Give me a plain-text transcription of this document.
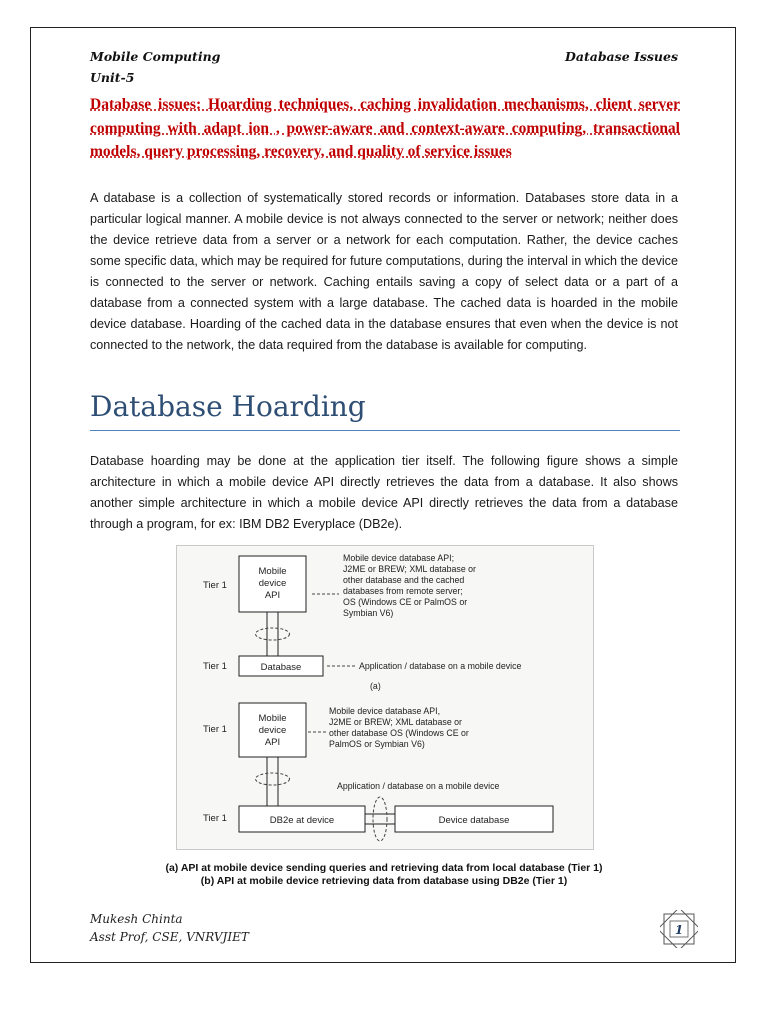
Mobile Computing
Unit-5
Database Issues
Database issues: Hoarding techniques, caching invalidation mechanisms, client server computing with adapt ion , power-aware and context-aware computing, transactional models, query processing, recovery, and quality of service issues
A database is a collection of systematically stored records or information. Databases store data in a particular logical manner. A mobile device is not always connected to the server or network; neither does the device retrieve data from a server or a network for each computation. Rather, the device caches some specific data, which may be required for future computations, during the interval in which the device is connected to the server or network. Caching entails saving a copy of select data or a part of a database from a connected system with a large database. The cached data is hoarded in the mobile device database. Hoarding of the cached data in the database ensures that even when the device is not connected to the network, the data required from the database is available for computing.
Database Hoarding
Database hoarding may be done at the application tier itself. The following figure shows a simple architecture in which a mobile device API directly retrieves the data from a database. It also shows another simple architecture in which a mobile device API directly retrieves the data from a database through a program, for ex: IBM DB2 Everyplace (DB2e).
Tier 1
Mobile
device
API
Mobile device database API;
J2ME or BREW; XML database or
other database and the cached
databases from remote server;
OS (Windows CE or PalmOS or
Symbian V6)
Tier 1	Database	Application / database on a mobile device
(a)
Tier 1
Mobile
device
API
Mobile device database API,
J2ME or BREW; XML database or
other database OS (Windows CE or
PalmOS or Symbian V6)
Application / database on a mobile device
Tier 1	DB2e at device	Device database
(a) API at mobile device sending queries and retrieving data from local database (Tier 1)
(b) API at mobile device retrieving data from database using DB2e (Tier 1)
Mukesh Chinta
Asst Prof, CSE, VNRVJIET	1
